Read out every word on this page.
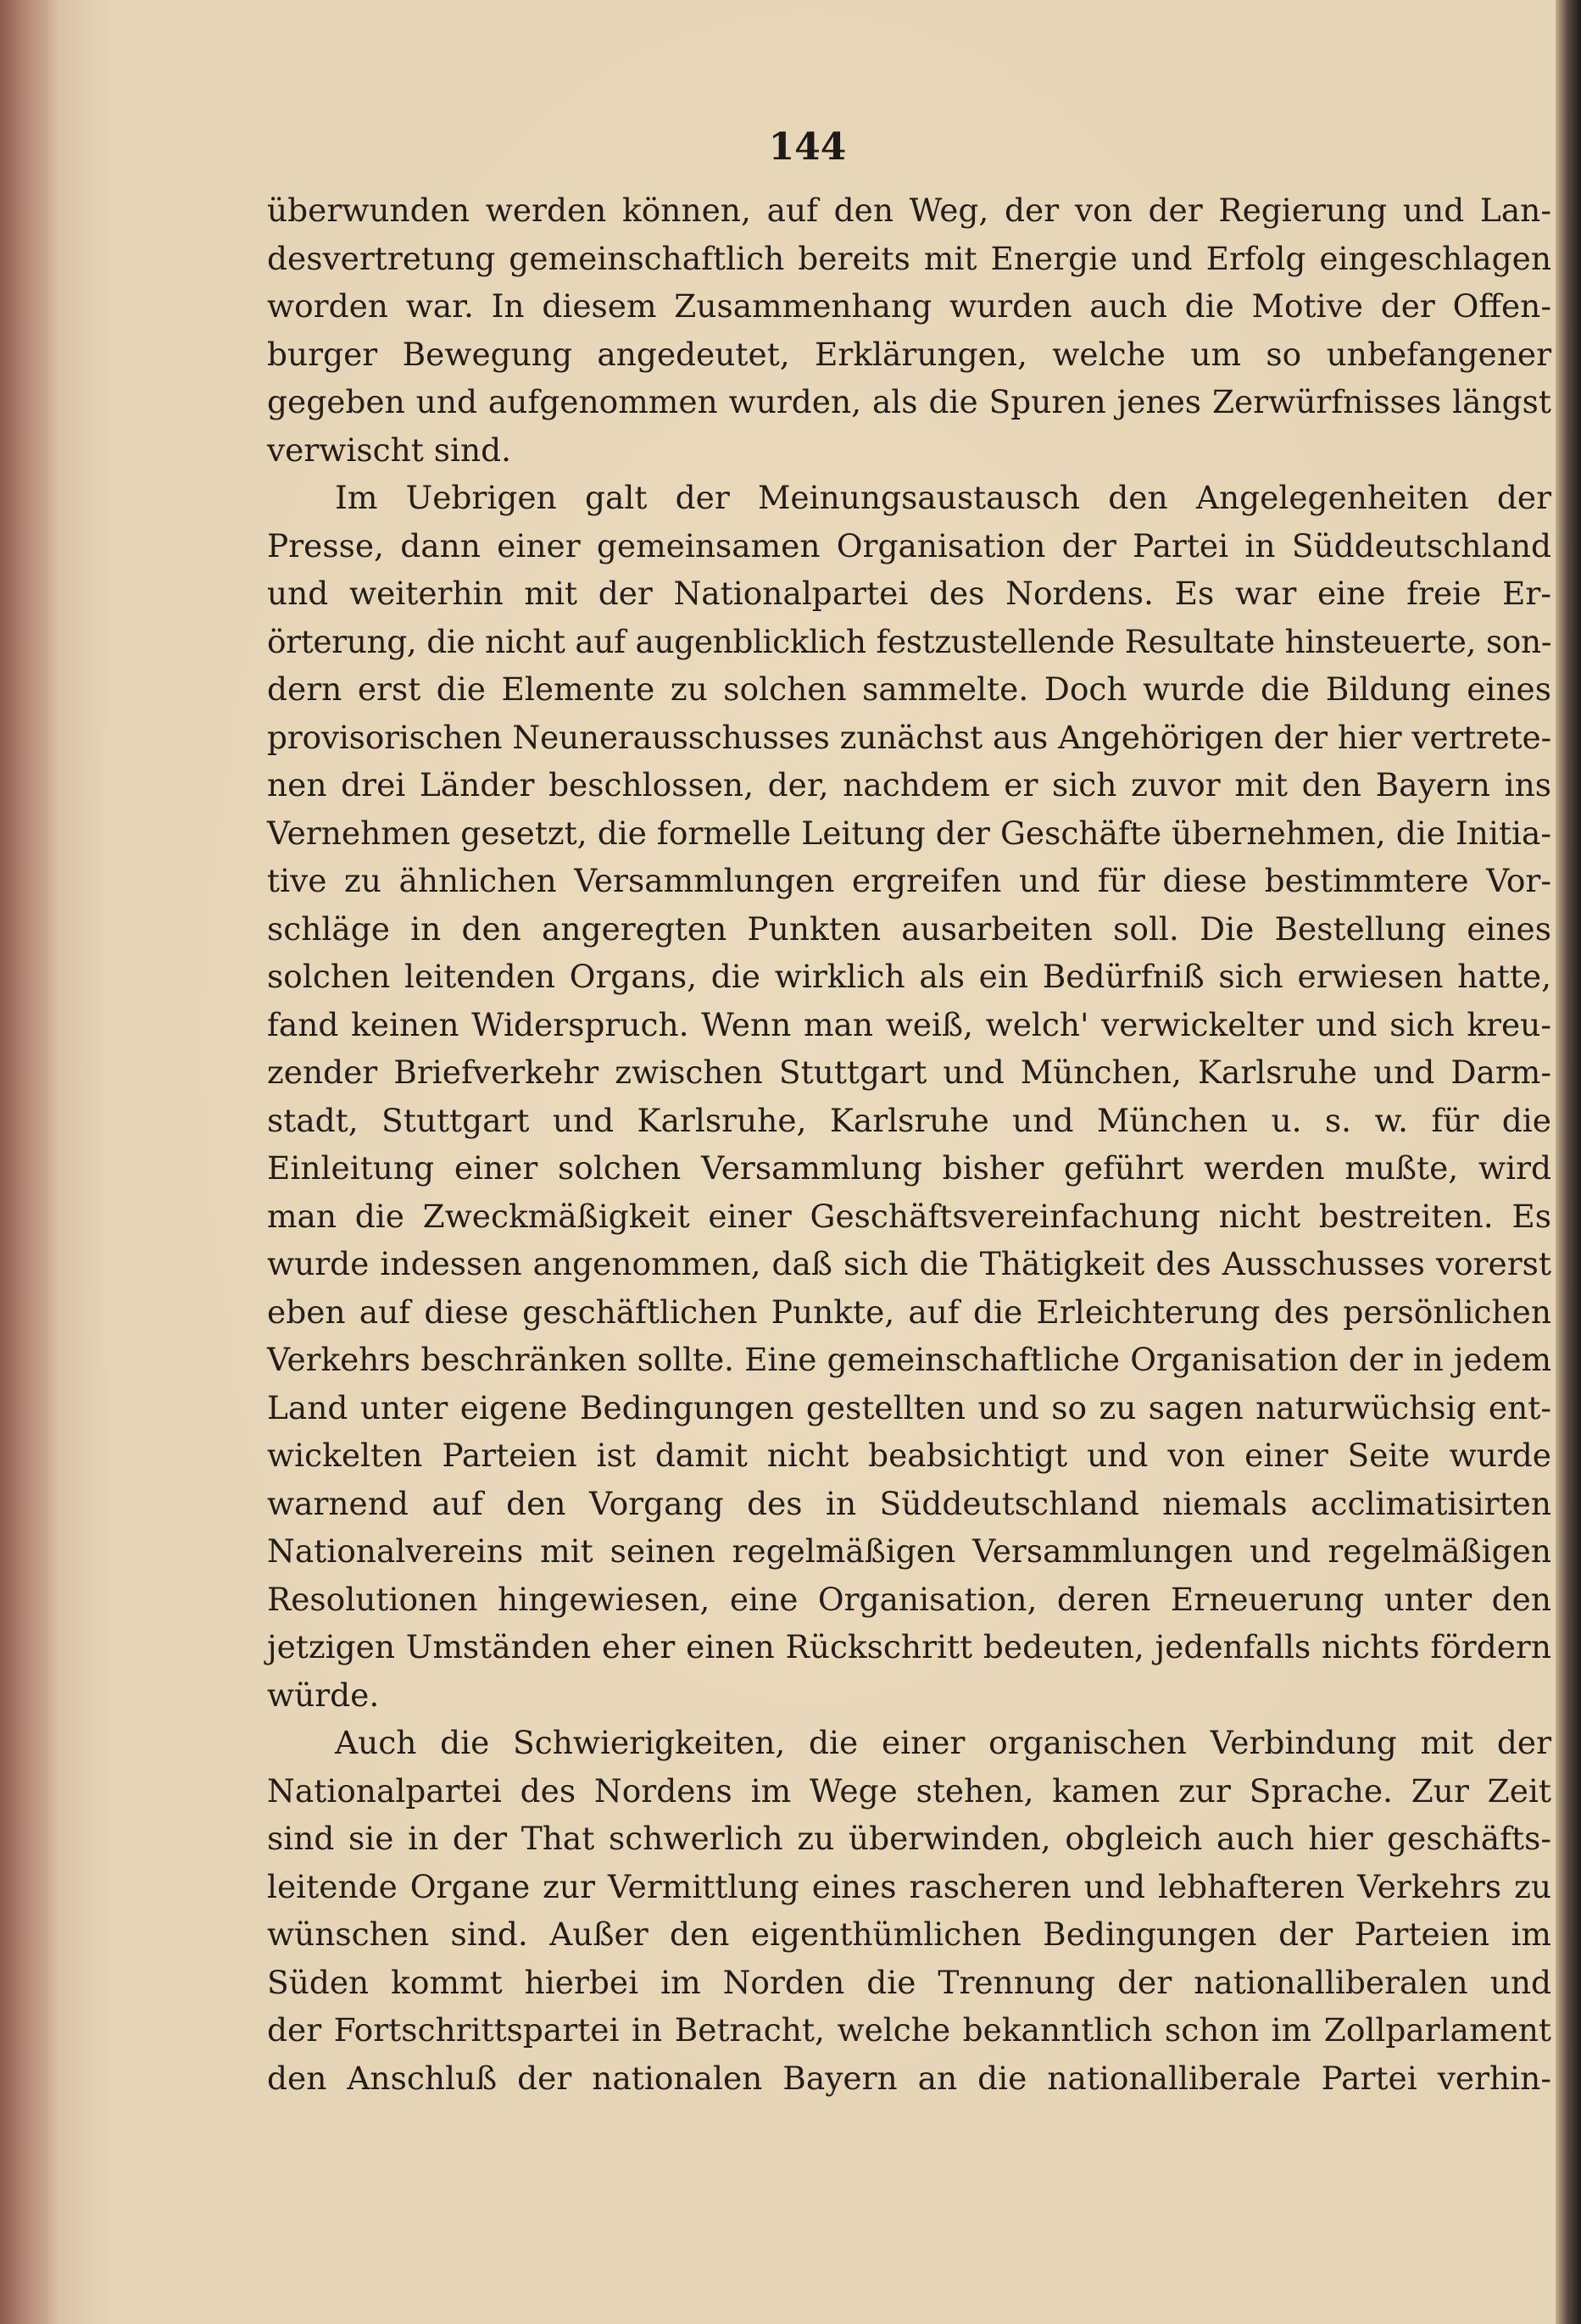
144
überwunden werden können, auf den Weg, der von der Regierung und Lan-
desvertretung gemeinschaftlich bereits mit Energie und Erfolg eingeschlagen
worden war. In diesem Zusammenhang wurden auch die Motive der Offen-
burger Bewegung angedeutet, Erklärungen, welche um so unbefangener
gegeben und aufgenommen wurden, als die Spuren jenes Zerwürfnisses längst
verwischt sind.
Im Uebrigen galt der Meinungsaustausch den Angelegenheiten der
Presse, dann einer gemeinsamen Organisation der Partei in Süddeutschland
und weiterhin mit der Nationalpartei des Nordens. Es war eine freie Er-
örterung, die nicht auf augenblicklich festzustellende Resultate hinsteuerte, son-
dern erst die Elemente zu solchen sammelte. Doch wurde die Bildung eines
provisorischen Neunerausschusses zunächst aus Angehörigen der hier vertrete-
nen drei Länder beschlossen, der, nachdem er sich zuvor mit den Bayern ins
Vernehmen gesetzt, die formelle Leitung der Geschäfte übernehmen, die Initia-
tive zu ähnlichen Versammlungen ergreifen und für diese bestimmtere Vor-
schläge in den angeregten Punkten ausarbeiten soll. Die Bestellung eines
solchen leitenden Organs, die wirklich als ein Bedürfniß sich erwiesen hatte,
fand keinen Widerspruch. Wenn man weiß, welch' verwickelter und sich kreu-
zender Briefverkehr zwischen Stuttgart und München, Karlsruhe und Darm-
stadt, Stuttgart und Karlsruhe, Karlsruhe und München u. s. w. für die
Einleitung einer solchen Versammlung bisher geführt werden mußte, wird
man die Zweckmäßigkeit einer Geschäftsvereinfachung nicht bestreiten. Es
wurde indessen angenommen, daß sich die Thätigkeit des Ausschusses vorerst
eben auf diese geschäftlichen Punkte, auf die Erleichterung des persönlichen
Verkehrs beschränken sollte. Eine gemeinschaftliche Organisation der in jedem
Land unter eigene Bedingungen gestellten und so zu sagen naturwüchsig ent-
wickelten Parteien ist damit nicht beabsichtigt und von einer Seite wurde
warnend auf den Vorgang des in Süddeutschland niemals acclimatisirten
Nationalvereins mit seinen regelmäßigen Versammlungen und regelmäßigen
Resolutionen hingewiesen, eine Organisation, deren Erneuerung unter den
jetzigen Umständen eher einen Rückschritt bedeuten, jedenfalls nichts fördern
würde.
Auch die Schwierigkeiten, die einer organischen Verbindung mit der
Nationalpartei des Nordens im Wege stehen, kamen zur Sprache. Zur Zeit
sind sie in der That schwerlich zu überwinden, obgleich auch hier geschäfts-
leitende Organe zur Vermittlung eines rascheren und lebhafteren Verkehrs zu
wünschen sind. Außer den eigenthümlichen Bedingungen der Parteien im
Süden kommt hierbei im Norden die Trennung der nationalliberalen und
der Fortschrittspartei in Betracht, welche bekanntlich schon im Zollparlament
den Anschluß der nationalen Bayern an die nationalliberale Partei verhin-
